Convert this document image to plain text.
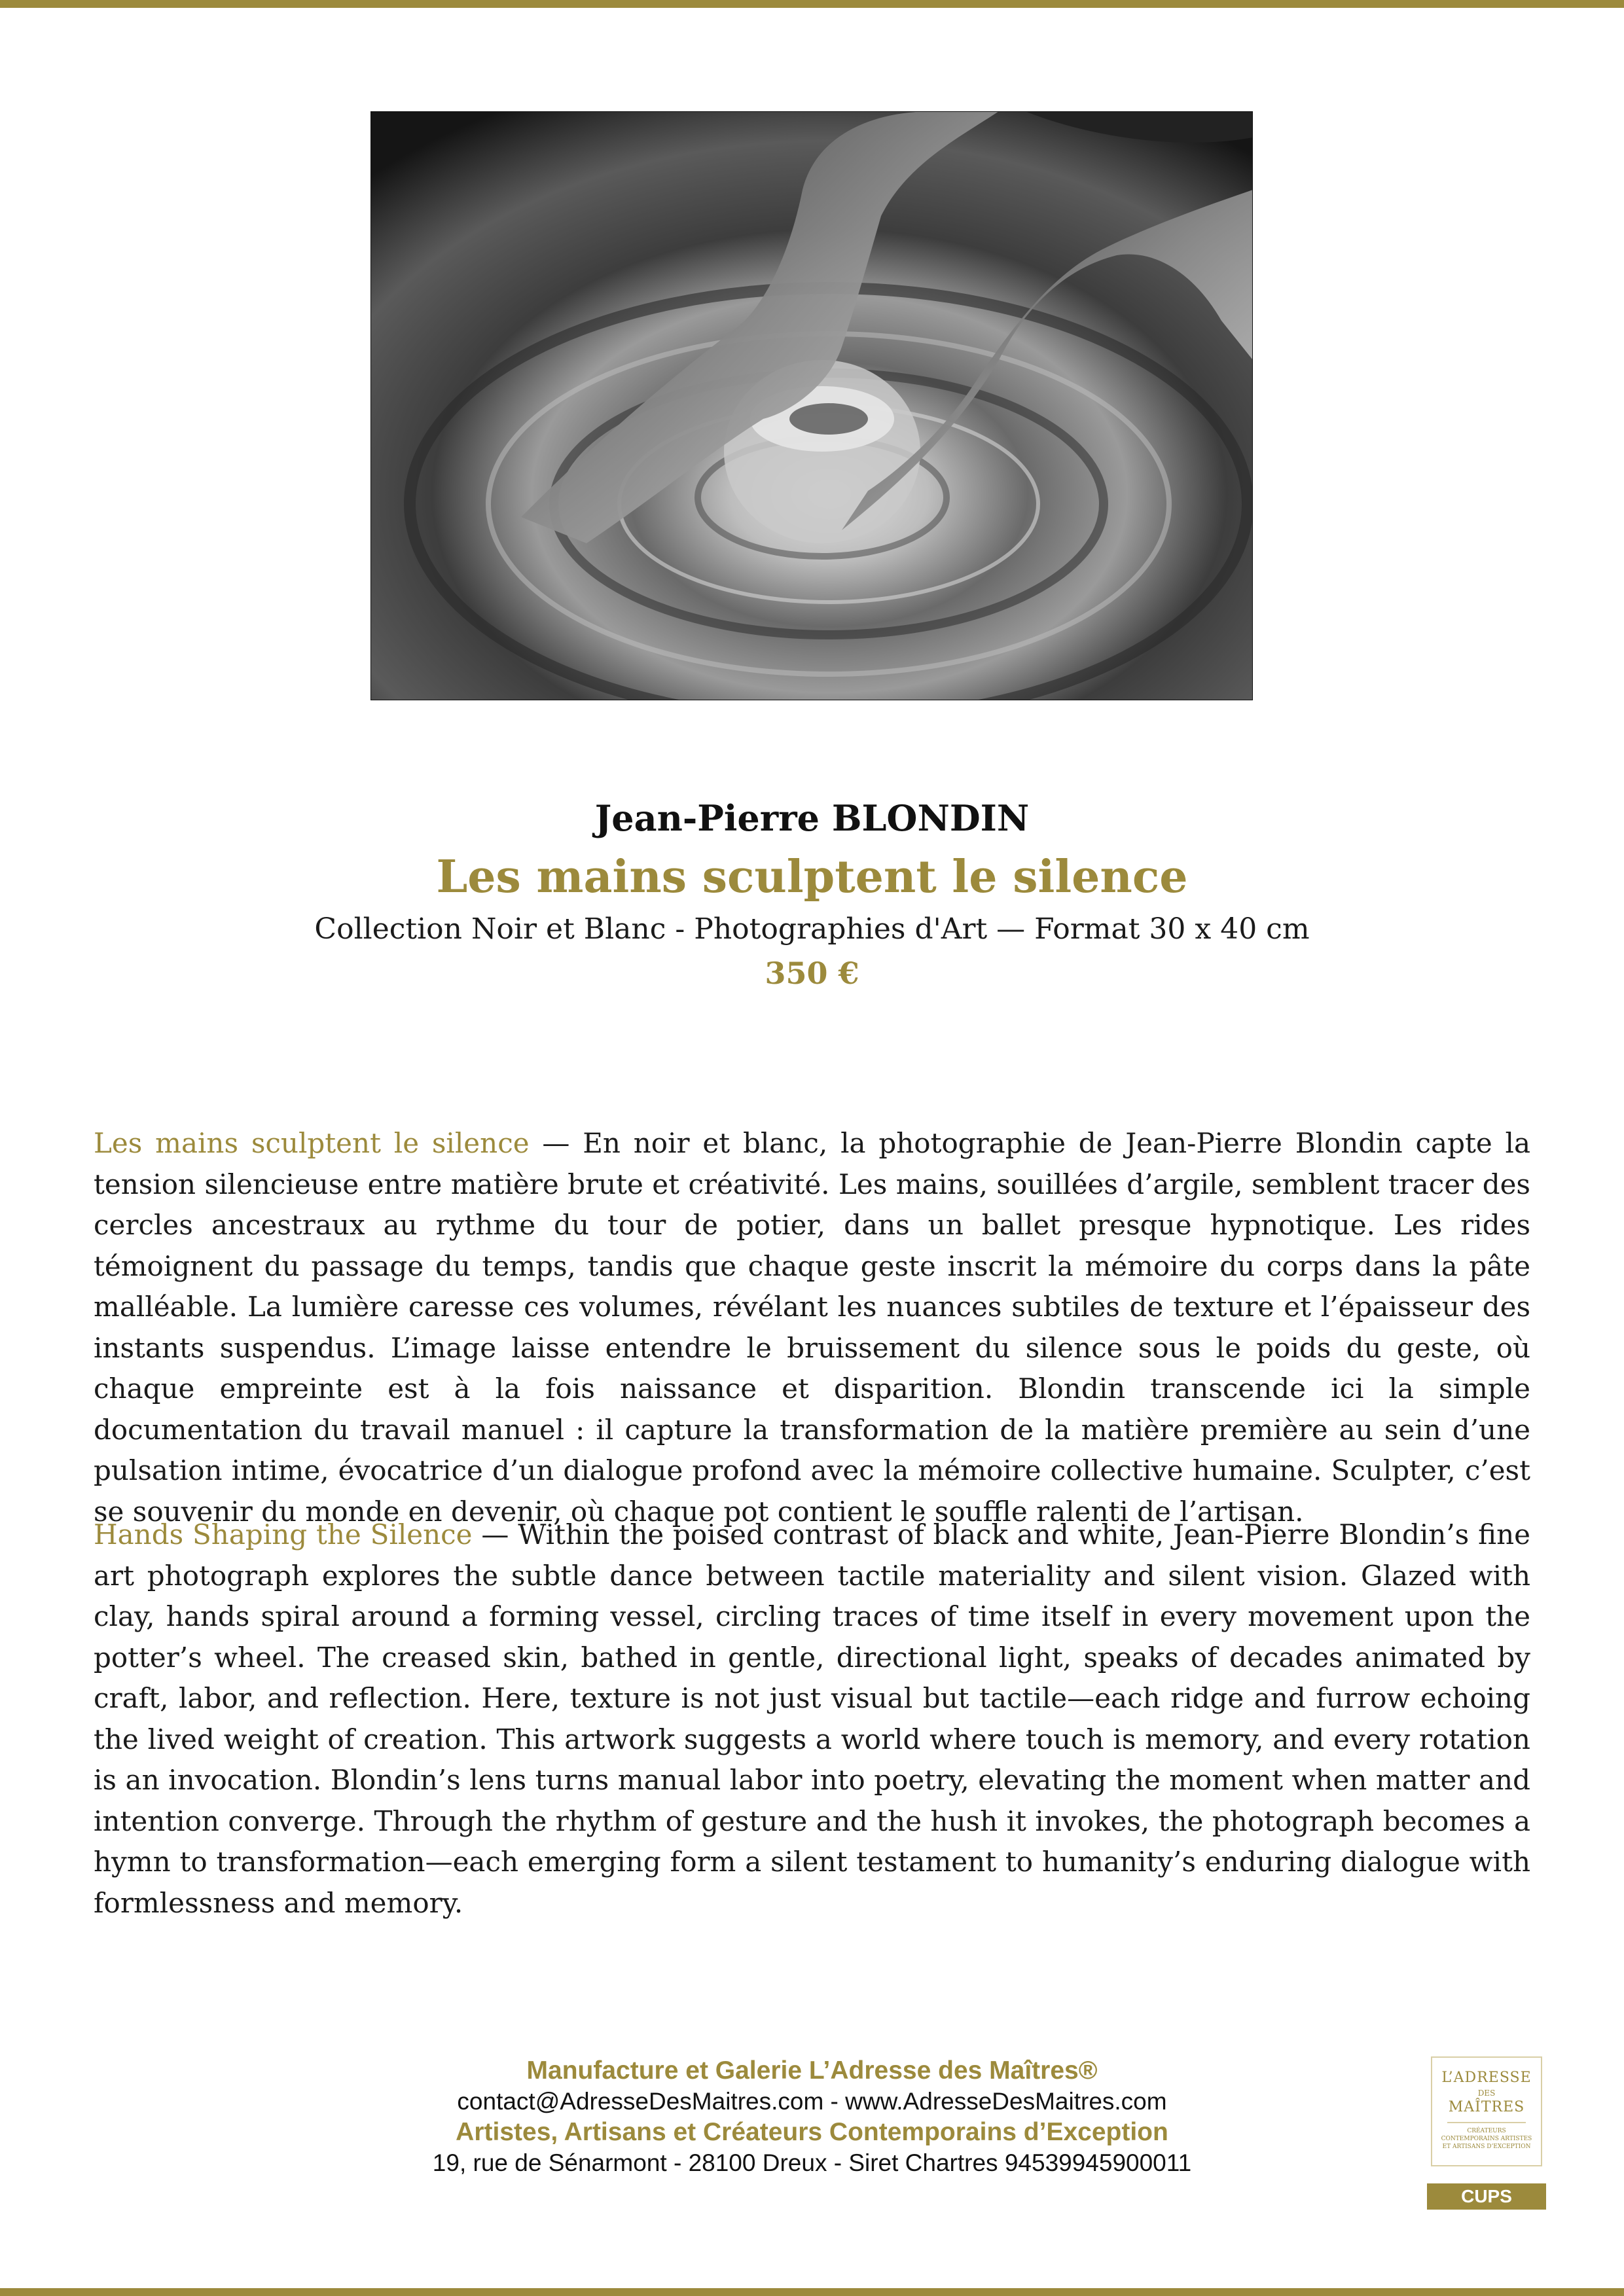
Jean-Pierre BLONDIN
Les mains sculptent le silence
Collection Noir et Blanc - Photographies d'Art — Format 30 x 40 cm
350 €

Les mains sculptent le silence — En noir et blanc, la photographie de Jean-Pierre Blondin capte la tension silencieuse entre matière brute et créativité. Les mains, souillées d’argile, semblent tracer des cercles ancestraux au rythme du tour de potier, dans un ballet presque hypnotique. Les rides témoignent du passage du temps, tandis que chaque geste inscrit la mémoire du corps dans la pâte malléable. La lumière caresse ces volumes, révélant les nuances subtiles de texture et l’épaisseur des instants suspendus. L’image laisse entendre le bruissement du silence sous le poids du geste, où chaque empreinte est à la fois naissance et disparition. Blondin transcende ici la simple documentation du travail manuel : il capture la transformation de la matière première au sein d’une pulsation intime, évocatrice d’un dialogue profond avec la mémoire collective humaine. Sculpter, c’est se souvenir du monde en devenir, où chaque pot contient le souffle ralenti de l’artisan.

Hands Shaping the Silence — Within the poised contrast of black and white, Jean-Pierre Blondin’s fine art photograph explores the subtle dance between tactile materiality and silent vision. Glazed with clay, hands spiral around a forming vessel, circling traces of time itself in every movement upon the potter’s wheel. The creased skin, bathed in gentle, directional light, speaks of decades animated by craft, labor, and reflection. Here, texture is not just visual but tactile—each ridge and furrow echoing the lived weight of creation. This artwork suggests a world where touch is memory, and every rotation is an invocation. Blondin’s lens turns manual labor into poetry, elevating the moment when matter and intention converge. Through the rhythm of gesture and the hush it invokes, the photograph becomes a hymn to transformation—each emerging form a silent testament to humanity’s enduring dialogue with formlessness and memory.

Manufacture et Galerie L’Adresse des Maîtres®
contact@AdresseDesMaitres.com - www.AdresseDesMaitres.com
Artistes, Artisans et Créateurs Contemporains d’Exception
19, rue de Sénarmont - 28100 Dreux - Siret Chartres 94539945900011
L’ADRESSE
DES
MAÎTRES
CRÉATEURS CONTEMPORAINS ARTISTES ET ARTISANS D’EXCEPTION
CUPS
